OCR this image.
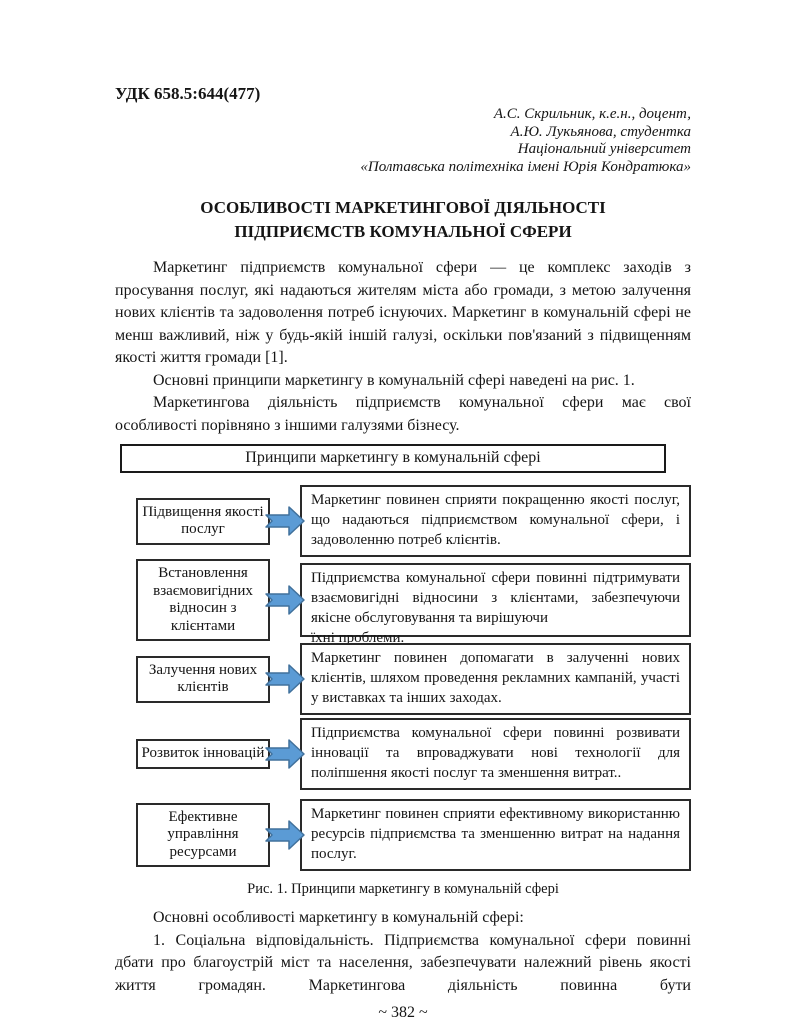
УДК 658.5:644(477)
А.С. Скрильник, к.е.н., доцент,
А.Ю. Лукьянова, студентка
Національний університет
«Полтавська політехніка імені Юрія Кондратюка»
ОСОБЛИВОСТІ МАРКЕТИНГОВОЇ ДІЯЛЬНОСТІ
ПІДПРИЄМСТВ КОМУНАЛЬНОЇ СФЕРИ

Маркетинг підприємств комунальної сфери — це комплекс заходів з просування послуг, які надаються жителям міста або громади, з метою залучення нових клієнтів та задоволення потреб існуючих. Маркетинг в комунальній сфері не менш важливий, ніж у будь-якій іншій галузі, оскільки пов'язаний з підвищенням якості життя громади [1].

Основні принципи маркетингу в комунальній сфері наведені на рис. 1.

Маркетингова діяльність підприємств комунальної сфери має свої особливості порівняно з іншими галузями бізнесу.

Принципи маркетингу в комунальній сфері
Підвищення якості послуг
Маркетинг повинен сприяти покращенню якості послуг, що надаються підприємством комунальної сфери, і задоволенню потреб клієнтів.
Встановлення взаємовигідних відносин з клієнтами
Підприємства комунальної сфери повинні підтримувати взаємовигідні відносини з клієнтами, забезпечуючи якісне обслуговування та вирішуючи
їхні проблеми.
Залучення нових клієнтів
Маркетинг повинен допомагати в залученні нових клієнтів, шляхом проведення рекламних кампаній, участі у виставках та інших заходах.
Розвиток інновацій
Підприємства комунальної сфери повинні розвивати інновації та впроваджувати нові технології для поліпшення якості послуг та зменшення витрат..
Ефективне управління ресурсами
Маркетинг повинен сприяти ефективному використанню ресурсів підприємства та зменшенню витрат на надання послуг.
Рис. 1. Принципи маркетингу в комунальній сфері

Основні особливості маркетингу в комунальній сфері:

1. Соціальна відповідальність. Підприємства комунальної сфери повинні дбати про благоустрій міст та населення, забезпечувати належний рівень якості життя громадян. Маркетингова діяльність повинна бути

~ 382 ~
